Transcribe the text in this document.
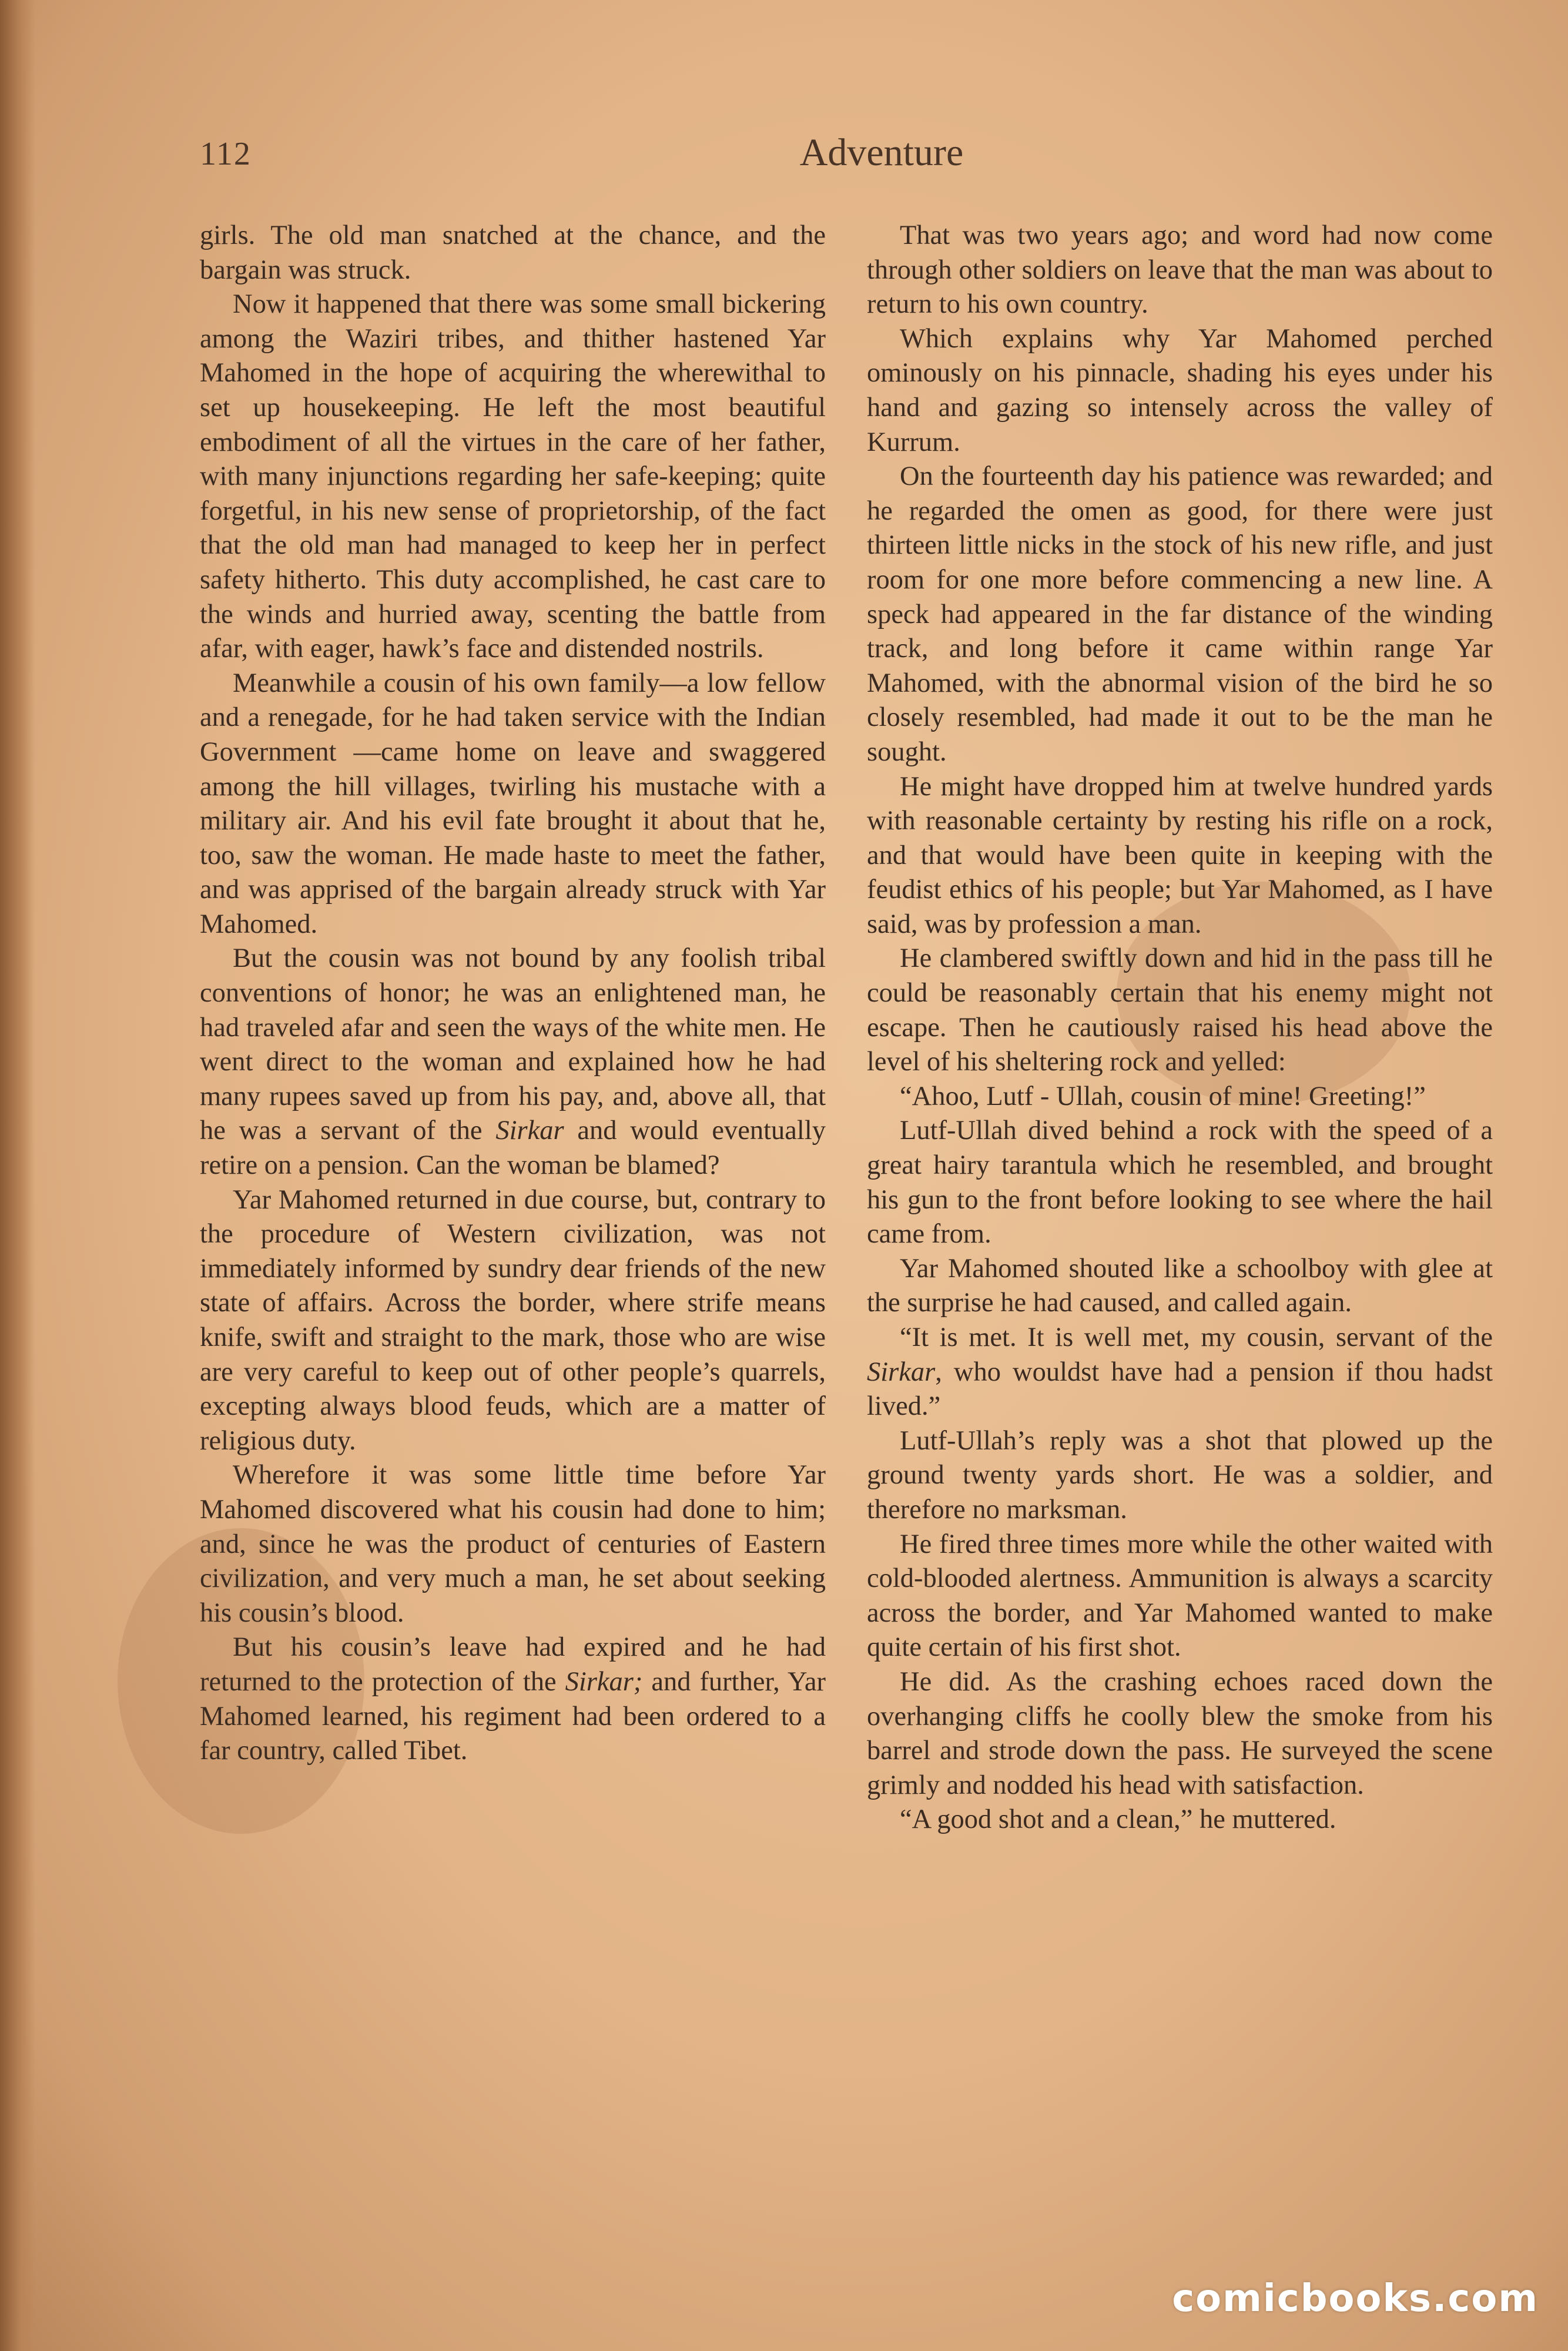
112	Adventure

girls. The old man snatched at the chance, and the bargain was struck.

Now it happened that there was some small bickering among the Waziri tribes, and thither hastened Yar Mahomed in the hope of acquiring the wherewithal to set up housekeeping. He left the most beautiful embodiment of all the virtues in the care of her father, with many injunctions regarding her safe-keeping; quite forgetful, in his new sense of proprietorship, of the fact that the old man had managed to keep her in perfect safety hitherto. This duty accomplished, he cast care to the winds and hurried away, scenting the battle from afar, with eager, hawk’s face and distended nostrils.

Meanwhile a cousin of his own family—a low fellow and a renegade, for he had taken service with the Indian Government —came home on leave and swaggered among the hill villages, twirling his mustache with a military air. And his evil fate brought it about that he, too, saw the woman. He made haste to meet the father, and was apprised of the bargain already struck with Yar Mahomed.

But the cousin was not bound by any foolish tribal conventions of honor; he was an enlightened man, he had traveled afar and seen the ways of the white men. He went direct to the woman and explained how he had many rupees saved up from his pay, and, above all, that he was a servant of the Sirkar and would eventually retire on a pension. Can the woman be blamed?

Yar Mahomed returned in due course, but, contrary to the procedure of Western civilization, was not immediately informed by sundry dear friends of the new state of affairs. Across the border, where strife means knife, swift and straight to the mark, those who are wise are very careful to keep out of other people’s quarrels, excepting always blood feuds, which are a matter of religious duty.

Wherefore it was some little time before Yar Mahomed discovered what his cousin had done to him; and, since he was the product of centuries of Eastern civilization, and very much a man, he set about seeking his cousin’s blood.

But his cousin’s leave had expired and he had returned to the protection of the Sirkar; and further, Yar Mahomed learned, his regiment had been ordered to a far country, called Tibet.

That was two years ago; and word had now come through other soldiers on leave that the man was about to return to his own country.

Which explains why Yar Mahomed perched ominously on his pinnacle, shading his eyes under his hand and gazing so intensely across the valley of Kurrum.

On the fourteenth day his patience was rewarded; and he regarded the omen as good, for there were just thirteen little nicks in the stock of his new rifle, and just room for one more before commencing a new line. A speck had appeared in the far distance of the winding track, and long before it came within range Yar Mahomed, with the abnormal vision of the bird he so closely resembled, had made it out to be the man he sought.

He might have dropped him at twelve hundred yards with reasonable certainty by resting his rifle on a rock, and that would have been quite in keeping with the feudist ethics of his people; but Yar Mahomed, as I have said, was by profession a man.

He clambered swiftly down and hid in the pass till he could be reasonably certain that his enemy might not escape. Then he cautiously raised his head above the level of his sheltering rock and yelled:

“Ahoo, Lutf - Ullah, cousin of mine! Greeting!”

Lutf-Ullah dived behind a rock with the speed of a great hairy tarantula which he resembled, and brought his gun to the front before looking to see where the hail came from.

Yar Mahomed shouted like a schoolboy with glee at the surprise he had caused, and called again.

“It is met. It is well met, my cousin, servant of the Sirkar, who wouldst have had a pension if thou hadst lived.”

Lutf-Ullah’s reply was a shot that plowed up the ground twenty yards short. He was a soldier, and therefore no marksman.

He fired three times more while the other waited with cold-blooded alertness. Ammunition is always a scarcity across the border, and Yar Mahomed wanted to make quite certain of his first shot.

He did. As the crashing echoes raced down the overhanging cliffs he coolly blew the smoke from his barrel and strode down the pass. He surveyed the scene grimly and nodded his head with satisfaction.

“A good shot and a clean,” he muttered.

comicbooks.com
